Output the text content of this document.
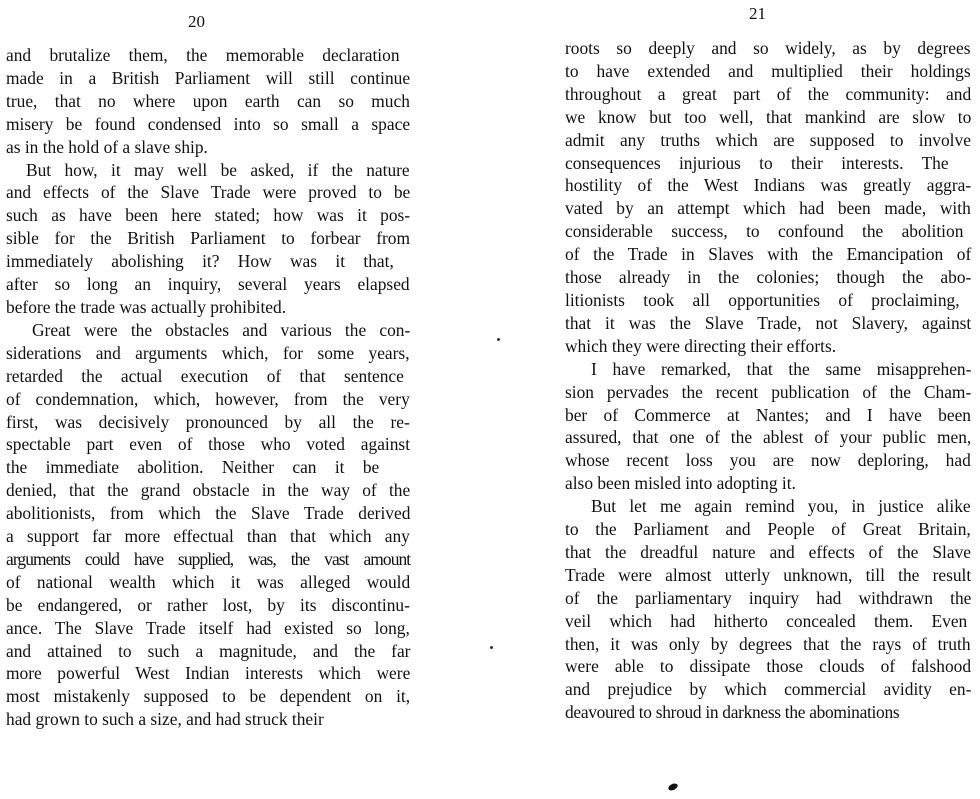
20	21
and brutalize them, the memorable declaration
made in a British Parliament will still continue
true, that no where upon earth can so much
misery be found condensed into so small a space
as in the hold of a slave ship.
But how, it may well be asked, if the nature
and effects of the Slave Trade were proved to be
such as have been here stated; how was it pos-
sible for the British Parliament to forbear from
immediately abolishing it? How was it that,
after so long an inquiry, several years elapsed
before the trade was actually prohibited.
Great were the obstacles and various the con-
siderations and arguments which, for some years,
retarded the actual execution of that sentence
of condemnation, which, however, from the very
first, was decisively pronounced by all the re-
spectable part even of those who voted against
the immediate abolition. Neither can it be
denied, that the grand obstacle in the way of the
abolitionists, from which the Slave Trade derived
a support far more effectual than that which any
arguments could have supplied, was, the vast amount
of national wealth which it was alleged would
be endangered, or rather lost, by its discontinu-
ance. The Slave Trade itself had existed so long,
and attained to such a magnitude, and the far
more powerful West Indian interests which were
most mistakenly supposed to be dependent on it,
had grown to such a size, and had struck their
roots so deeply and so widely, as by degrees
to have extended and multiplied their holdings
throughout a great part of the community: and
we know but too well, that mankind are slow to
admit any truths which are supposed to involve
consequences injurious to their interests. The
hostility of the West Indians was greatly aggra-
vated by an attempt which had been made, with
considerable success, to confound the abolition
of the Trade in Slaves with the Emancipation of
those already in the colonies; though the abo-
litionists took all opportunities of proclaiming,
that it was the Slave Trade, not Slavery, against
which they were directing their efforts.
I have remarked, that the same misapprehen-
sion pervades the recent publication of the Cham-
ber of Commerce at Nantes; and I have been
assured, that one of the ablest of your public men,
whose recent loss you are now deploring, had
also been misled into adopting it.
But let me again remind you, in justice alike
to the Parliament and People of Great Britain,
that the dreadful nature and effects of the Slave
Trade were almost utterly unknown, till the result
of the parliamentary inquiry had withdrawn the
veil which had hitherto concealed them. Even
then, it was only by degrees that the rays of truth
were able to dissipate those clouds of falshood
and prejudice by which commercial avidity en-
deavoured to shroud in darkness the abominations
